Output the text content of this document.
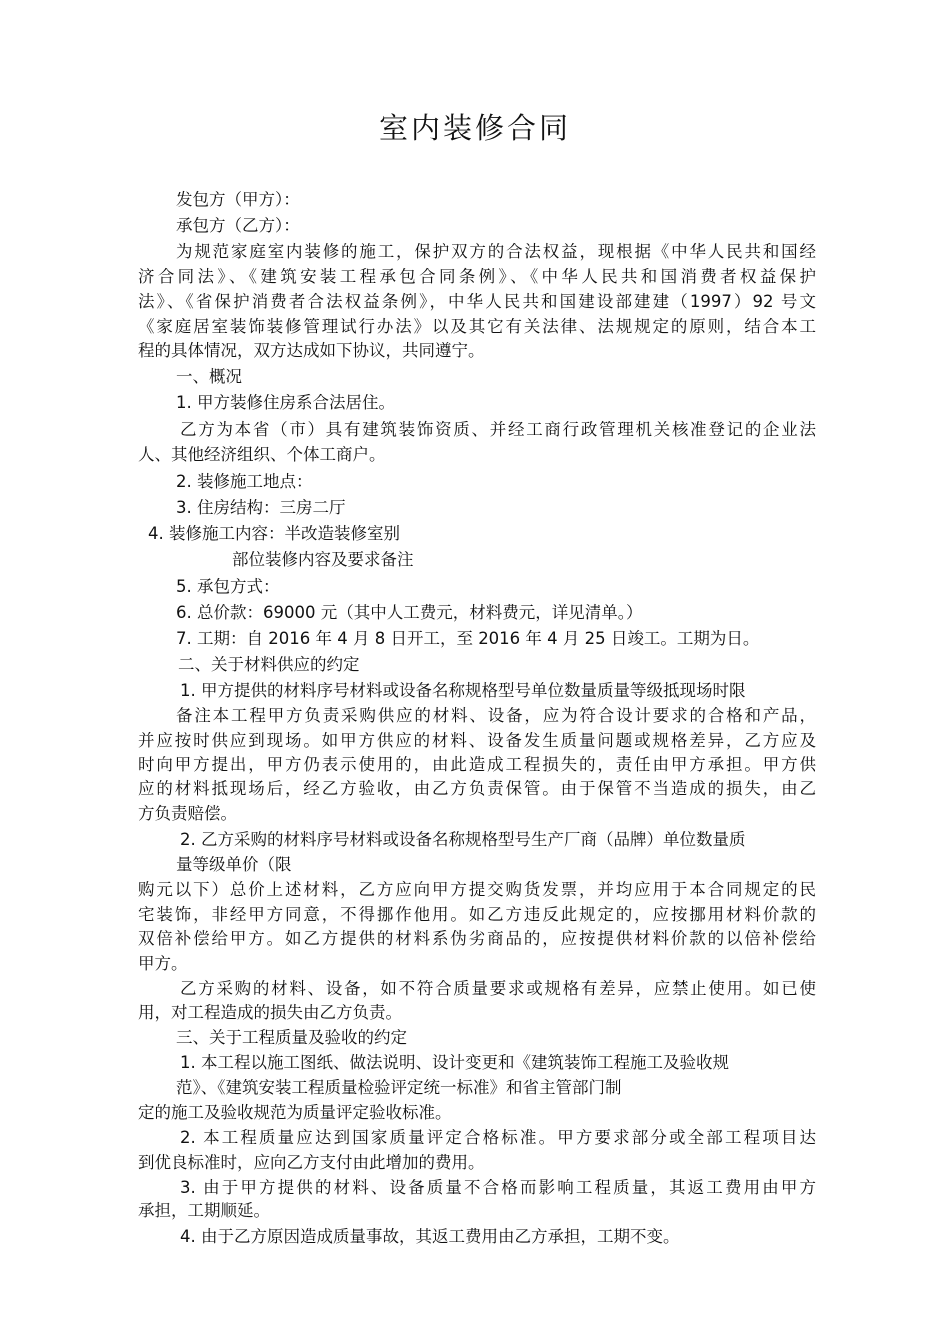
室内装修合同
发包方（甲方）：
承包方（乙方）：
为规范家庭室内装修的施工，保护双方的合法权益，现根据《中华人民共和国经
济合同法》、《建筑安装工程承包合同条例》、《中华人民共和国消费者权益保护
法》、《省保护消费者合法权益条例》，中华人民共和国建设部建建（1997）92 号文
《家庭居室装饰装修管理试行办法》以及其它有关法律、法规规定的原则，结合本工
程的具体情况，双方达成如下协议，共同遵宁。
一、概况
1. 甲方装修住房系合法居住。
乙方为本省（市）具有建筑装饰资质、并经工商行政管理机关核准登记的企业法
人、其他经济组织、个体工商户。
2. 装修施工地点：
3. 住房结构：三房二厅
4. 装修施工内容：半改造装修室别
部位装修内容及要求备注
5. 承包方式：
6. 总价款：69000 元（其中人工费元，材料费元，详见清单。）
7. 工期：自 2016 年 4 月 8 日开工，至 2016 年 4 月 25 日竣工。工期为日。
二、关于材料供应的约定
1. 甲方提供的材料序号材料或设备名称规格型号单位数量质量等级抵现场时限
备注本工程甲方负责采购供应的材料、设备，应为符合设计要求的合格和产品，
并应按时供应到现场。如甲方供应的材料、设备发生质量问题或规格差异，乙方应及
时向甲方提出，甲方仍表示使用的，由此造成工程损失的，责任由甲方承担。甲方供
应的材料抵现场后，经乙方验收，由乙方负责保管。由于保管不当造成的损失，由乙
方负责赔偿。
2. 乙方采购的材料序号材料或设备名称规格型号生产厂商（品牌）单位数量质
量等级单价（限
购元以下）总价上述材料，乙方应向甲方提交购货发票，并均应用于本合同规定的民
宅装饰，非经甲方同意，不得挪作他用。如乙方违反此规定的，应按挪用材料价款的
双倍补偿给甲方。如乙方提供的材料系伪劣商品的，应按提供材料价款的以倍补偿给
甲方。
乙方采购的材料、设备，如不符合质量要求或规格有差异，应禁止使用。如已使
用，对工程造成的损失由乙方负责。
三、关于工程质量及验收的约定
1. 本工程以施工图纸、做法说明、设计变更和《建筑装饰工程施工及验收规
范》、《建筑安装工程质量检验评定统一标准》和省主管部门制
定的施工及验收规范为质量评定验收标准。
2. 本工程质量应达到国家质量评定合格标准。甲方要求部分或全部工程项目达
到优良标准时，应向乙方支付由此增加的费用。
3. 由于甲方提供的材料、设备质量不合格而影响工程质量，其返工费用由甲方
承担，工期顺延。
4. 由于乙方原因造成质量事故，其返工费用由乙方承担，工期不变。
